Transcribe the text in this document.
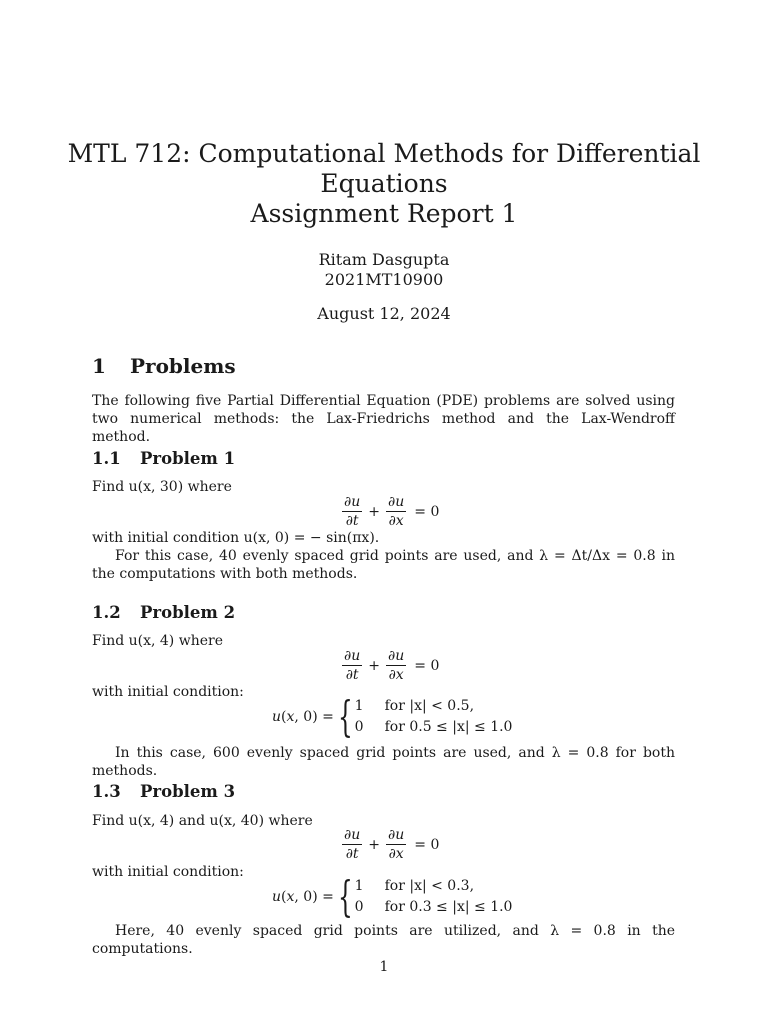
MTL 712: Computational Methods for Differential
Equations
Assignment Report 1
Ritam Dasgupta
2021MT10900
August 12, 2024
1 Problems
The following five Partial Differential Equation (PDE) problems are solved using two numerical methods: the Lax-Friedrichs method and the Lax-Wendroff method.
1.1 Problem 1
Find u(x, 30) where
$\frac{\partial u}{\partial t} + \frac{\partial u}{\partial x} = 0$
with initial condition u(x, 0) = − sin(πx).
For this case, 40 evenly spaced grid points are used, and λ = Δt/Δx = 0.8 in the computations with both methods.
1.2 Problem 2
Find u(x, 4) where
$\frac{\partial u}{\partial t} + \frac{\partial u}{\partial x} = 0$
with initial condition:
u(x, 0) = { 1 for |x| < 0.5,
0 for 0.5 ≤ |x| ≤ 1.0
In this case, 600 evenly spaced grid points are used, and λ = 0.8 for both methods.
1.3 Problem 3
Find u(x, 4) and u(x, 40) where
$\frac{\partial u}{\partial t} + \frac{\partial u}{\partial x} = 0$
with initial condition:
u(x, 0) = { 1 for |x| < 0.3,
0 for 0.3 ≤ |x| ≤ 1.0
Here, 40 evenly spaced grid points are utilized, and λ = 0.8 in the computations.
1
